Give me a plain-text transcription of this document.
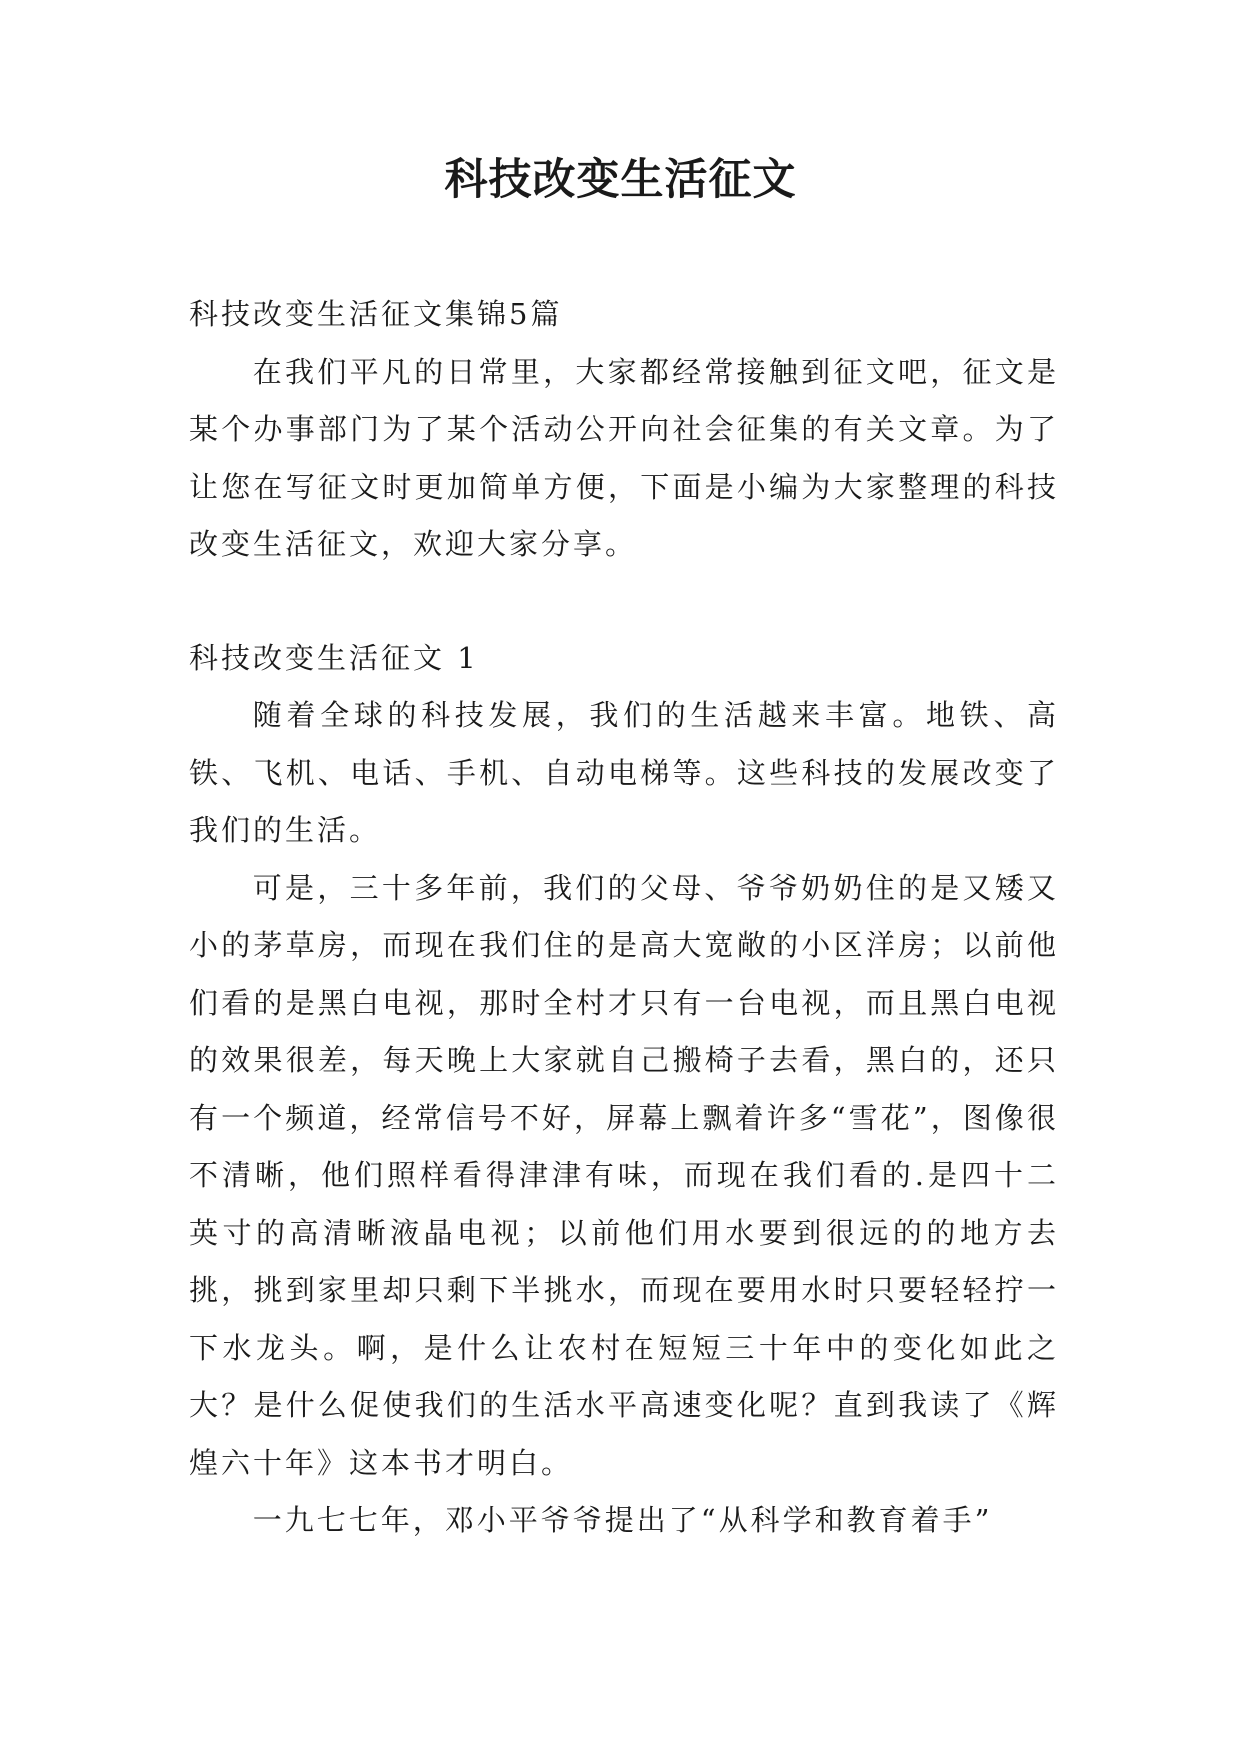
科技改变生活征文

科技改变生活征文集锦5篇

在我们平凡的日常里，大家都经常接触到征文吧，征文是某个办事部门为了某个活动公开向社会征集的有关文章。为了让您在写征文时更加简单方便，下面是小编为大家整理的科技改变生活征文，欢迎大家分享。

科技改变生活征文 1

随着全球的科技发展，我们的生活越来丰富。地铁、高铁、飞机、电话、手机、自动电梯等。这些科技的发展改变了我们的生活。

可是，三十多年前，我们的父母、爷爷奶奶住的是又矮又小的茅草房，而现在我们住的是高大宽敞的小区洋房；以前他们看的是黑白电视，那时全村才只有一台电视，而且黑白电视的效果很差，每天晚上大家就自己搬椅子去看，黑白的，还只有一个频道，经常信号不好，屏幕上飘着许多“雪花”，图像很不清晰，他们照样看得津津有味，而现在我们看的.是四十二英寸的高清晰液晶电视；以前他们用水要到很远的的地方去挑，挑到家里却只剩下半挑水，而现在要用水时只要轻轻拧一下水龙头。啊，是什么让农村在短短三十年中的变化如此之大？是什么促使我们的生活水平高速变化呢？直到我读了《辉煌六十年》这本书才明白。

一九七七年，邓小平爷爷提出了“从科学和教育着手”
